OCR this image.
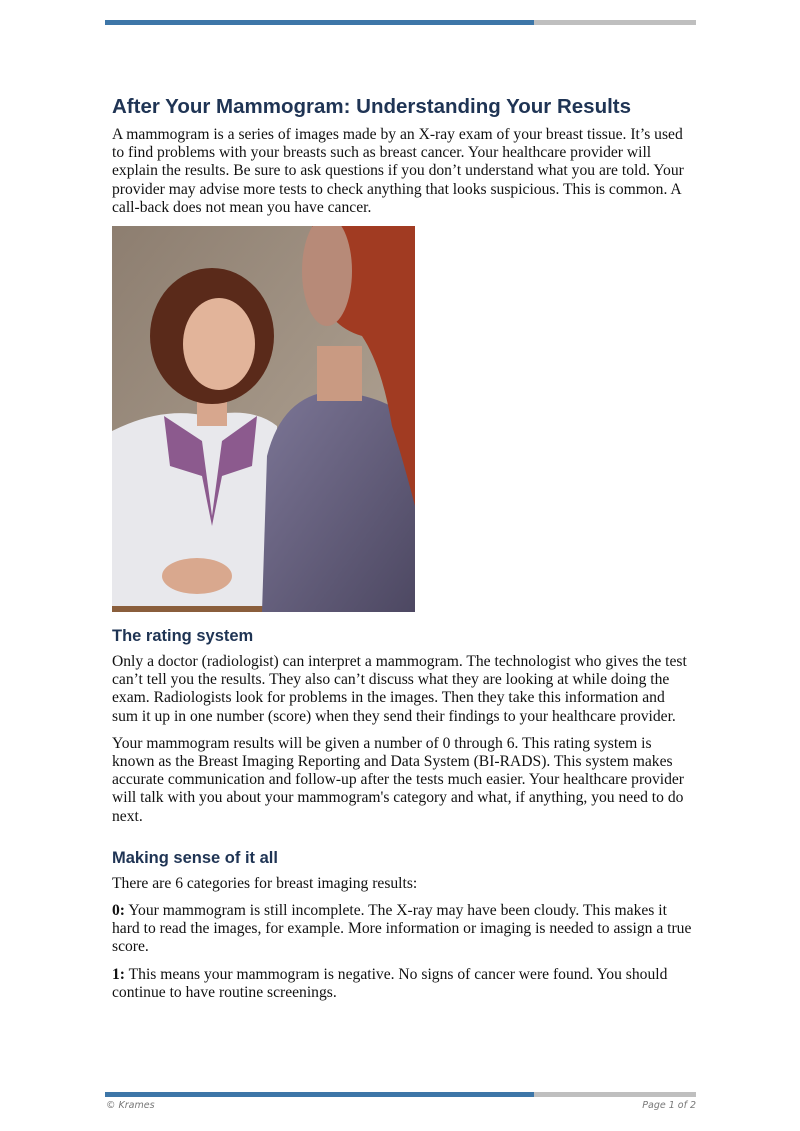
After Your Mammogram: Understanding Your Results

A mammogram is a series of images made by an X-ray exam of your breast tissue. It’s used to find problems with your breasts such as breast cancer. Your healthcare provider will explain the results. Be sure to ask questions if you don’t understand what you are told. Your provider may advise more tests to check anything that looks suspicious. This is common. A call-back does not mean you have cancer.

The rating system

Only a doctor (radiologist) can interpret a mammogram. The technologist who gives the test can’t tell you the results. They also can’t discuss what they are looking at while doing the exam. Radiologists look for problems in the images. Then they take this information and sum it up in one number (score) when they send their findings to your healthcare provider.

Your mammogram results will be given a number of 0 through 6. This rating system is known as the Breast Imaging Reporting and Data System (BI-RADS). This system makes accurate communication and follow-up after the tests much easier. Your healthcare provider will talk with you about your mammogram's category and what, if anything, you need to do next.

Making sense of it all

There are 6 categories for breast imaging results:

0: Your mammogram is still incomplete. The X-ray may have been cloudy. This makes it hard to read the images, for example. More information or imaging is needed to assign a true score.

1: This means your mammogram is negative. No signs of cancer were found. You should continue to have routine screenings.

© Krames	Page 1 of 2
